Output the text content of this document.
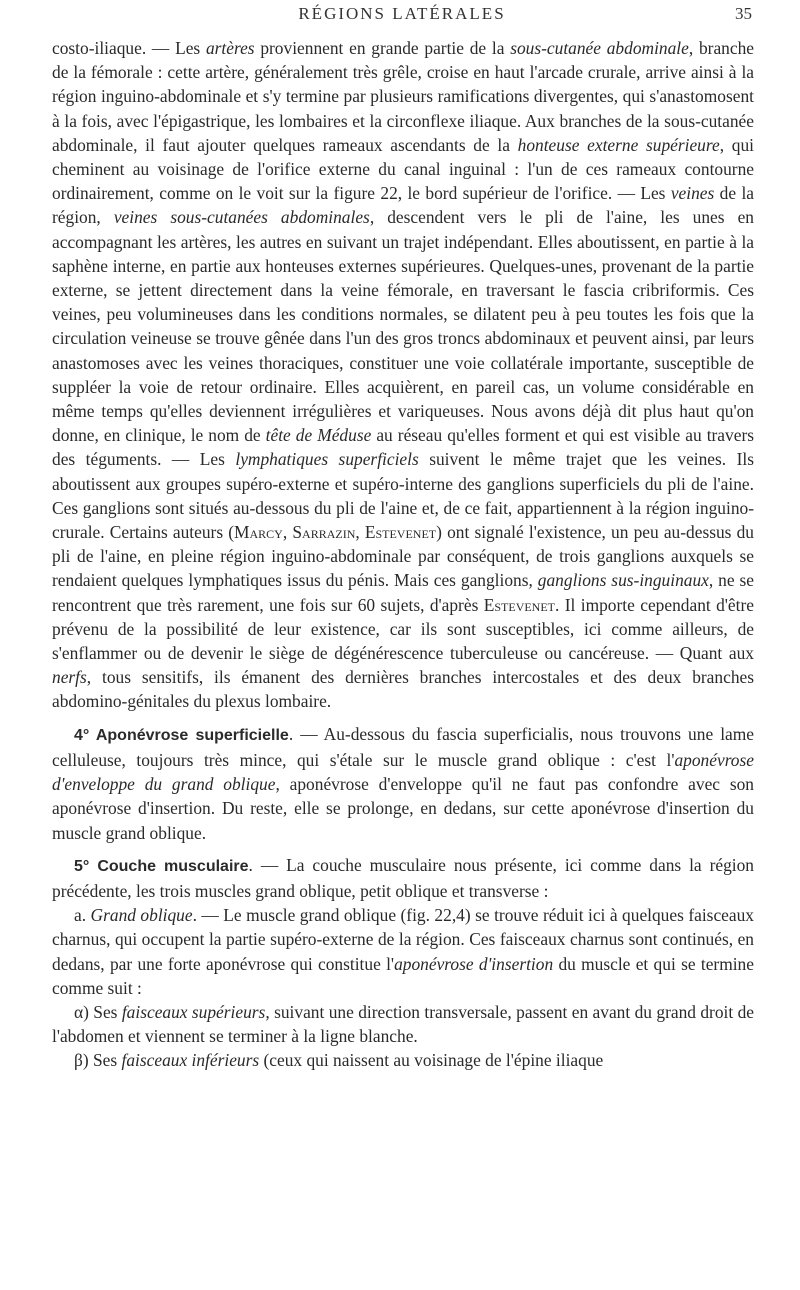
RÉGIONS LATÉRALES	35

costo-iliaque. — Les artères proviennent en grande partie de la sous-cutanée abdominale, branche de la fémorale : cette artère, généralement très grêle, croise en haut l'arcade crurale, arrive ainsi à la région inguino-abdominale et s'y termine par plusieurs ramifications divergentes, qui s'anastomosent à la fois, avec l'épigastrique, les lombaires et la circonflexe iliaque. Aux branches de la sous-cutanée abdominale, il faut ajouter quelques rameaux ascendants de la honteuse externe supérieure, qui cheminent au voisinage de l'orifice externe du canal inguinal : l'un de ces rameaux contourne ordinairement, comme on le voit sur la figure 22, le bord supérieur de l'orifice. — Les veines de la région, veines sous-cutanées abdominales, descendent vers le pli de l'aine, les unes en accompagnant les artères, les autres en suivant un trajet indépendant. Elles aboutissent, en partie à la saphène interne, en partie aux honteuses externes supérieures. Quelques-unes, provenant de la partie externe, se jettent directement dans la veine fémorale, en traversant le fascia cribriformis. Ces veines, peu volumineuses dans les conditions normales, se dilatent peu à peu toutes les fois que la circulation veineuse se trouve gênée dans l'un des gros troncs abdominaux et peuvent ainsi, par leurs anastomoses avec les veines thoraciques, constituer une voie collatérale importante, susceptible de suppléer la voie de retour ordinaire. Elles acquièrent, en pareil cas, un volume considérable en même temps qu'elles deviennent irrégulières et variqueuses. Nous avons déjà dit plus haut qu'on donne, en clinique, le nom de tête de Méduse au réseau qu'elles forment et qui est visible au travers des téguments. — Les lymphatiques superficiels suivent le même trajet que les veines. Ils aboutissent aux groupes supéro-externe et supéro-interne des ganglions superficiels du pli de l'aine. Ces ganglions sont situés au-dessous du pli de l'aine et, de ce fait, appartiennent à la région inguino-crurale. Certains auteurs (Marcy, Sarrazin, Estevenet) ont signalé l'existence, un peu au-dessus du pli de l'aine, en pleine région inguino-abdominale par conséquent, de trois ganglions auxquels se rendaient quelques lymphatiques issus du pénis. Mais ces ganglions, ganglions sus-inguinaux, ne se rencontrent que très rarement, une fois sur 60 sujets, d'après Estevenet. Il importe cependant d'être prévenu de la possibilité de leur existence, car ils sont susceptibles, ici comme ailleurs, de s'enflammer ou de devenir le siège de dégénérescence tuberculeuse ou cancéreuse. — Quant aux nerfs, tous sensitifs, ils émanent des dernières branches intercostales et des deux branches abdomino-génitales du plexus lombaire.

4° Aponévrose superficielle. — Au-dessous du fascia superficialis, nous trouvons une lame celluleuse, toujours très mince, qui s'étale sur le muscle grand oblique : c'est l'aponévrose d'enveloppe du grand oblique, aponévrose d'enveloppe qu'il ne faut pas confondre avec son aponévrose d'insertion. Du reste, elle se prolonge, en dedans, sur cette aponévrose d'insertion du muscle grand oblique.

5° Couche musculaire. — La couche musculaire nous présente, ici comme dans la région précédente, les trois muscles grand oblique, petit oblique et transverse :

a. Grand oblique. — Le muscle grand oblique (fig. 22,4) se trouve réduit ici à quelques faisceaux charnus, qui occupent la partie supéro-externe de la région. Ces faisceaux charnus sont continués, en dedans, par une forte aponévrose qui constitue l'aponévrose d'insertion du muscle et qui se termine comme suit :

α) Ses faisceaux supérieurs, suivant une direction transversale, passent en avant du grand droit de l'abdomen et viennent se terminer à la ligne blanche.

β) Ses faisceaux inférieurs (ceux qui naissent au voisinage de l'épine iliaque
